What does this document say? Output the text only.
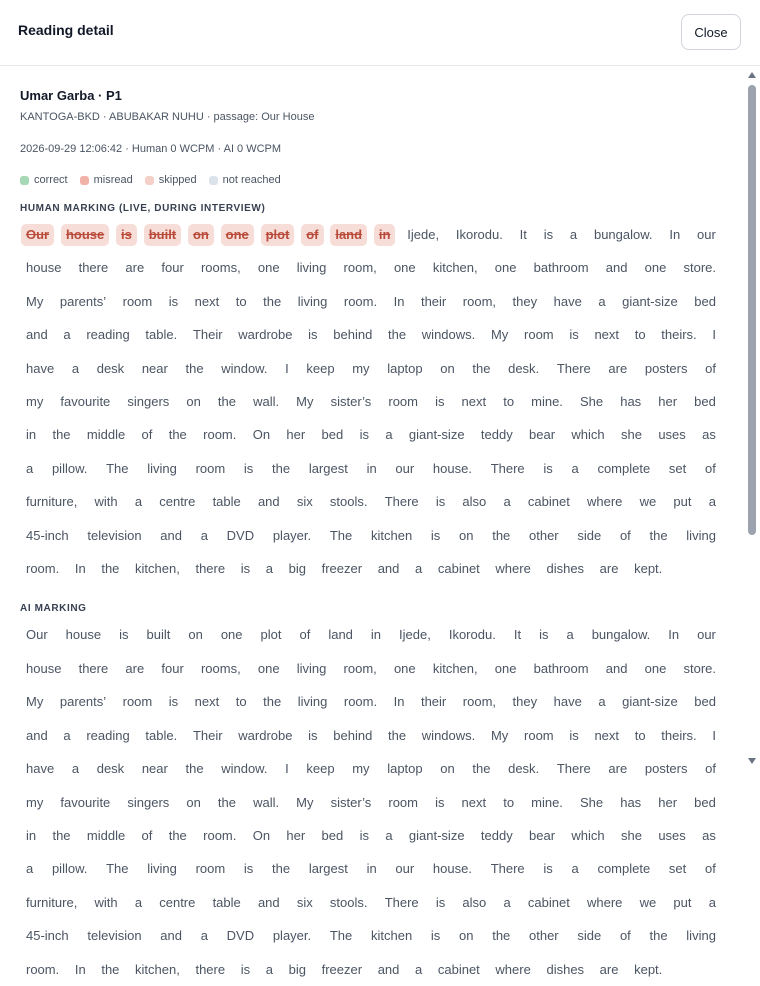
Reading detail	Close
Umar Garba · P1
KANTOGA-BKD · ABUBAKAR NUHU · passage: Our House
2026-09-29 12:06:42 · Human 0 WCPM · AI 0 WCPM
correct misread skipped not reached
HUMAN MARKING (LIVE, DURING INTERVIEW)
Our house is built on one plot of land in Ijede, Ikorodu. It is a bungalow. In our house there are four rooms, one living room, one kitchen, one bathroom and one store. My parents’ room is next to the living room. In their room, they have a giant-size bed and a reading table. Their wardrobe is behind the windows. My room is next to theirs. I have a desk near the window. I keep my laptop on the desk. There are posters of my favourite singers on the wall. My sister’s room is next to mine. She has her bed in the middle of the room. On her bed is a giant-size teddy bear which she uses as a pillow. The living room is the largest in our house. There is a complete set of furniture, with a centre table and six stools. There is also a cabinet where we put a 45-inch television and a DVD player. The kitchen is on the other side of the living room. In the kitchen, there is a big freezer and a cabinet where dishes are kept.
AI MARKING
Our house is built on one plot of land in Ijede, Ikorodu. It is a bungalow. In our house there are four rooms, one living room, one kitchen, one bathroom and one store. My parents’ room is next to the living room. In their room, they have a giant-size bed and a reading table. Their wardrobe is behind the windows. My room is next to theirs. I have a desk near the window. I keep my laptop on the desk. There are posters of my favourite singers on the wall. My sister’s room is next to mine. She has her bed in the middle of the room. On her bed is a giant-size teddy bear which she uses as a pillow. The living room is the largest in our house. There is a complete set of furniture, with a centre table and six stools. There is also a cabinet where we put a 45-inch television and a DVD player. The kitchen is on the other side of the living room. In the kitchen, there is a big freezer and a cabinet where dishes are kept.
